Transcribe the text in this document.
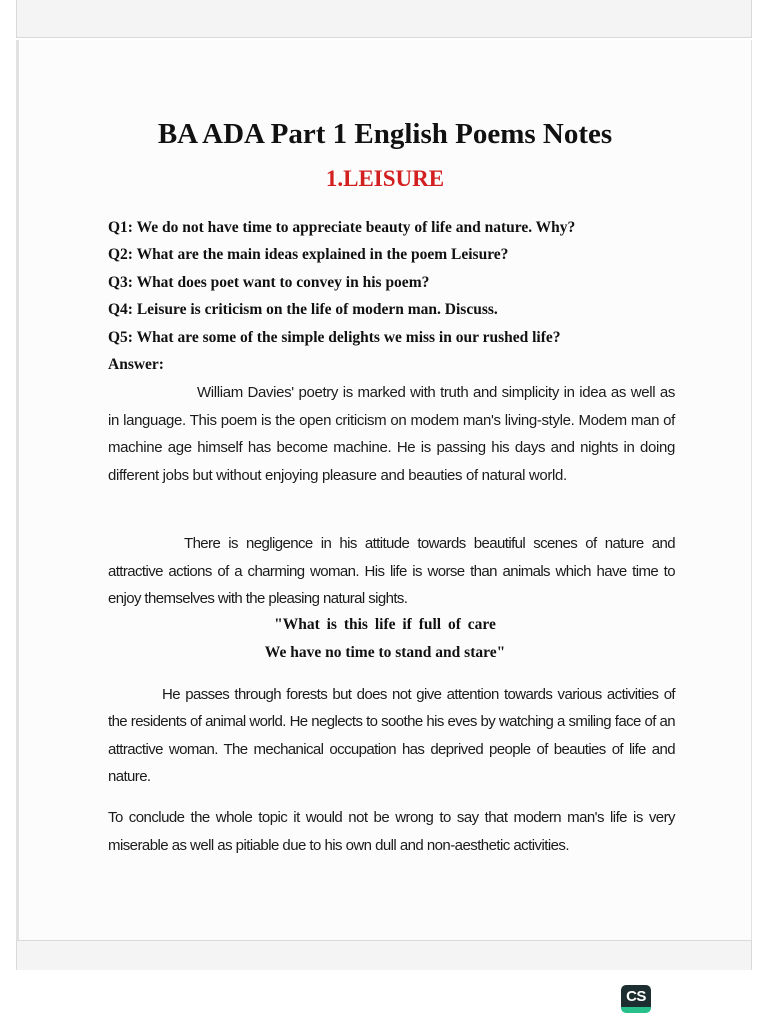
BA ADA Part 1 English Poems Notes
1.LEISURE
Q1: We do not have time to appreciate beauty of life and nature. Why?
Q2: What are the main ideas explained in the poem Leisure?
Q3: What does poet want to convey in his poem?
Q4: Leisure is criticism on the life of modern man. Discuss.
Q5: What are some of the simple delights we miss in our rushed life?
Answer:

William Davies' poetry is marked with truth and simplicity in idea as well as in language. This poem is the open criticism on modem man's living-style. Modem man of machine age himself has become machine. He is passing his days and nights in doing different jobs but without enjoying pleasure and beauties of natural world.

There is negligence in his attitude towards beautiful scenes of nature and attractive actions of a charming woman. His life is worse than animals which have time to enjoy themselves with the pleasing natural sights.

"What is this life if full of care

We have no time to stand and stare"

He passes through forests but does not give attention towards various activities of the residents of animal world. He neglects to soothe his eves by watching a smiling face of an attractive woman. The mechanical occupation has deprived people of beauties of life and nature.

To conclude the whole topic it would not be wrong to say that modern man's life is very miserable as well as pitiable due to his own dull and non-aesthetic activities.

CS
